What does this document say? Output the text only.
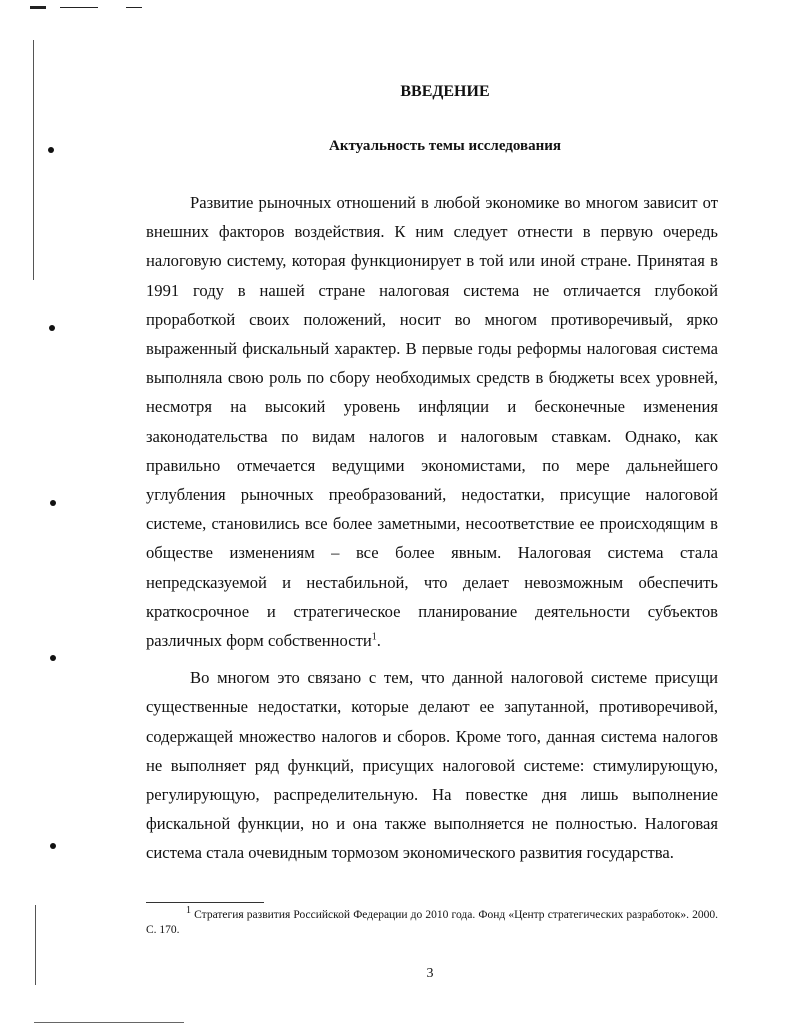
ВВЕДЕНИЕ
Актуальность темы исследования

Развитие рыночных отношений в любой экономике во многом зависит от внешних факторов воздействия. К ним следует отнести в первую очередь налоговую систему, которая функционирует в той или иной стране. Принятая в 1991 году в нашей стране налоговая система не отличается глубокой проработкой своих положений, носит во многом противоречивый, ярко выраженный фискальный характер. В первые годы реформы налоговая система выполняла свою роль по сбору необходимых средств в бюджеты всех уровней, несмотря на высокий уровень инфляции и бесконечные изменения законодательства по видам налогов и налоговым ставкам. Однако, как правильно отмечается ведущими экономистами, по мере дальнейшего углубления рыночных преобразований, недостатки, присущие налоговой системе, становились все более заметными, несоответствие ее происходящим в обществе изменениям – все более явным. Налоговая система стала непредсказуемой и нестабильной, что делает невозможным обеспечить краткосрочное и стратегическое планирование деятельности субъектов различных форм собственности$^1$.

Во многом это связано с тем, что данной налоговой системе присущи существенные недостатки, которые делают ее запутанной, противоречивой, содержащей множество налогов и сборов. Кроме того, данная система налогов не выполняет ряд функций, присущих налоговой системе: стимулирующую, регулирующую, распределительную. На повестке дня лишь выполнение фискальной функции, но и она также выполняется не полностью. Налоговая система стала очевидным тормозом экономического развития государства.

$^1$ Стратегия развития Российской Федерации до 2010 года. Фонд «Центр стратегических разработок». 2000. С. 170.

3
